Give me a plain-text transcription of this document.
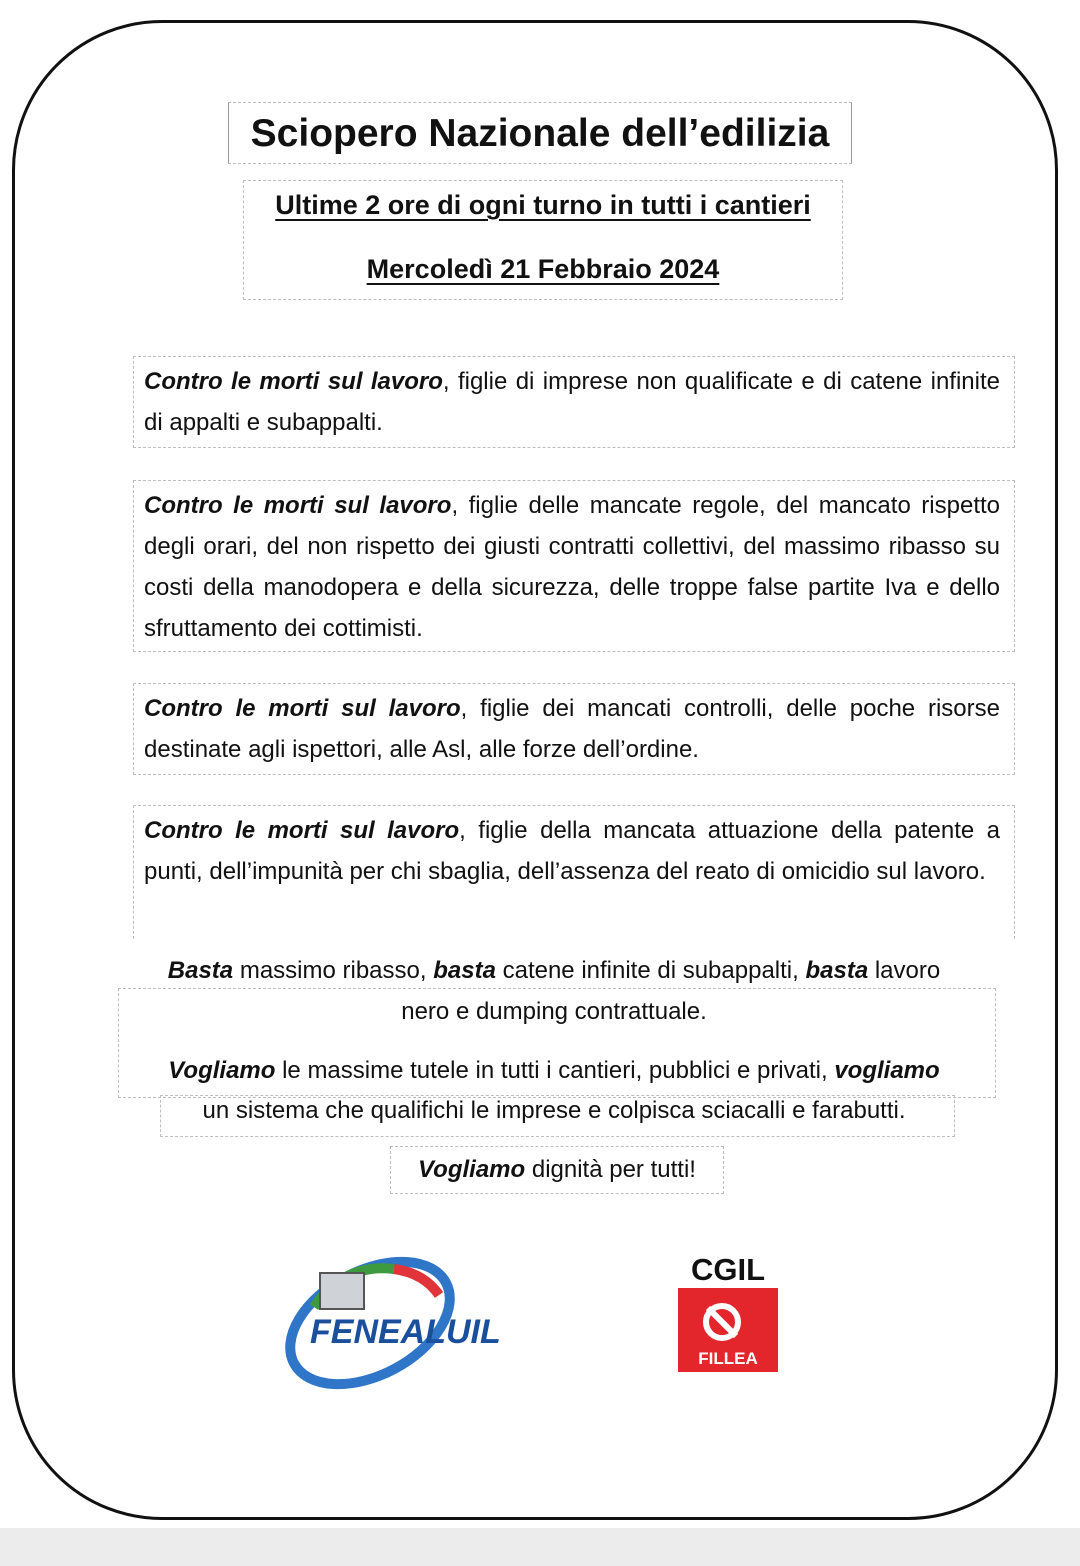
Sciopero Nazionale dell’edilizia

Ultime 2 ore di ogni turno in tutti i cantieri

Mercoledì 21 Febbraio 2024

Contro le morti sul lavoro, figlie di imprese non qualificate e di catene infinite di appalti e subappalti.

Contro le morti sul lavoro, figlie delle mancate regole, del mancato rispetto degli orari, del non rispetto dei giusti contratti collettivi, del massimo ribasso su costi della manodopera e della sicurezza, delle troppe false partite Iva e dello sfruttamento dei cottimisti.

Contro le morti sul lavoro, figlie dei mancati controlli, delle poche risorse destinate agli ispettori, alle Asl, alle forze dell’ordine.

Contro le morti sul lavoro, figlie della mancata attuazione della patente a punti, dell’impunità per chi sbaglia, dell’assenza del reato di omicidio sul lavoro.

Basta massimo ribasso, basta catene infinite di subappalti, basta lavoro

nero e dumping contrattuale.

Vogliamo le massime tutele in tutti i cantieri, pubblici e privati, vogliamo

un sistema che qualifichi le imprese e colpisca sciacalli e farabutti.

Vogliamo dignità per tutti!

FENEALUIL
CGIL
FILLEA
